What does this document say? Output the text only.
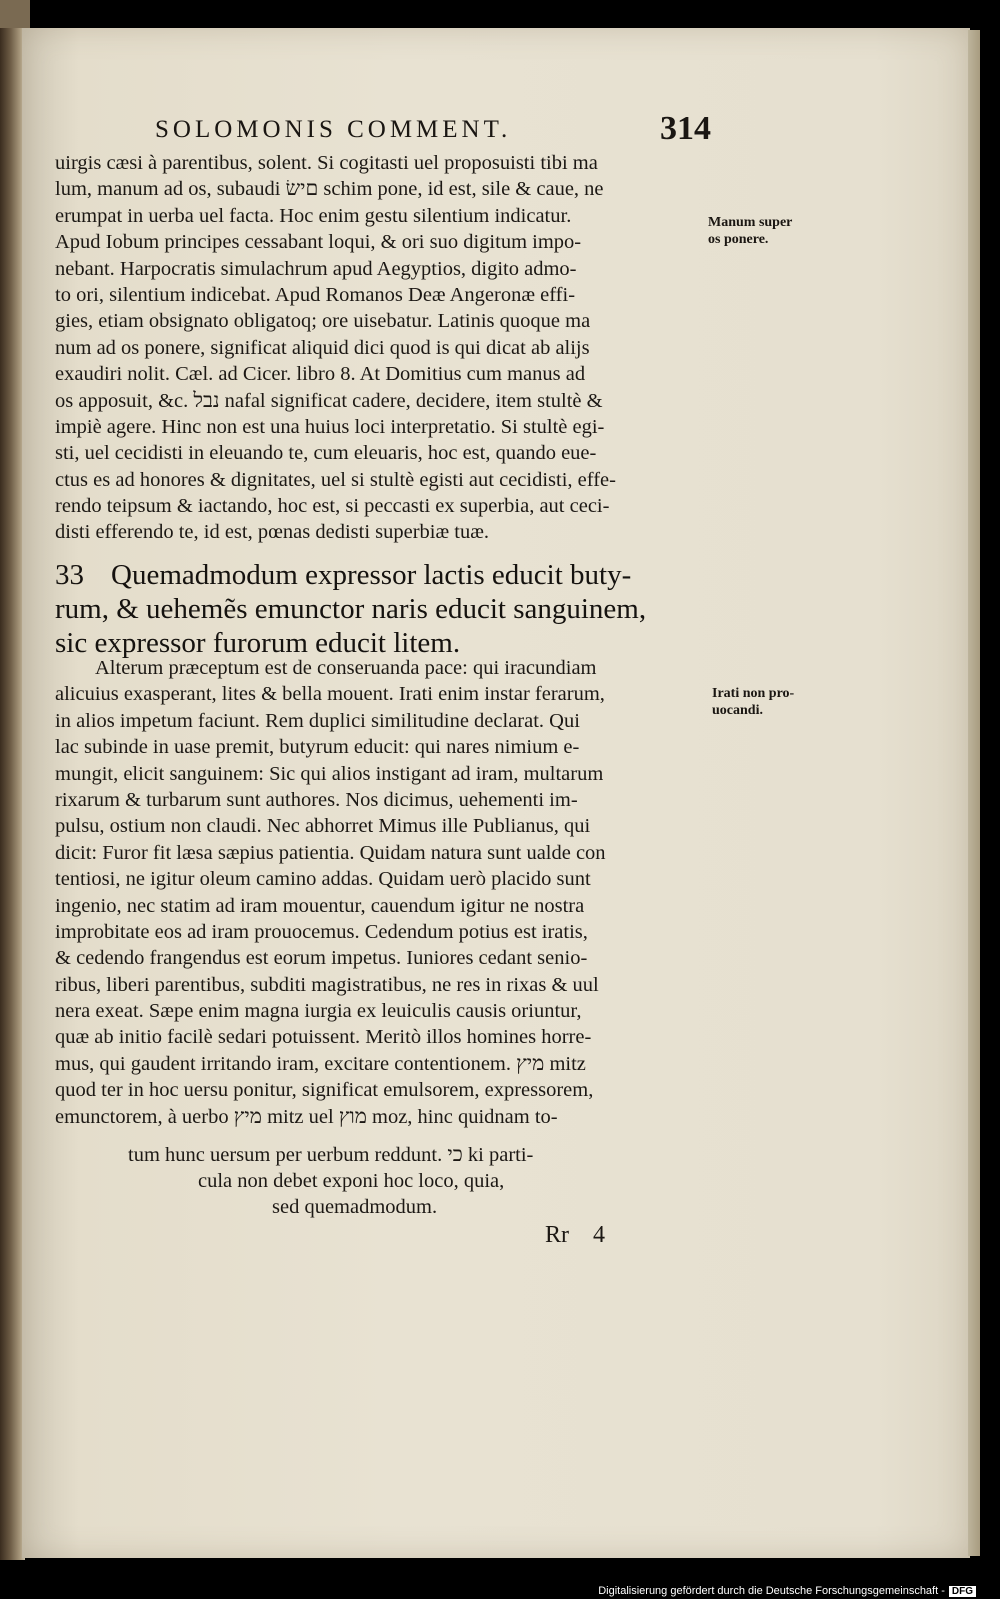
SOLOMONIS COMMENT.	314
uirgis cæsi à parentibus, solent. Si cogitasti uel proposuisti tibi ma
lum, manum ad os, subaudi םישׂ schim pone, id est, sile & caue, ne
erumpat in uerba uel facta. Hoc enim gestu silentium indicatur.
Apud Iobum principes cessabant loqui, & ori suo digitum impo-
nebant. Harpocratis simulachrum apud Aegyptios, digito admo-
to ori, silentium indicebat. Apud Romanos Deæ Angeronæ effi-
gies, etiam obsignato obligatoq; ore uisebatur. Latinis quoque ma
num ad os ponere, significat aliquid dici quod is qui dicat ab alijs
exaudiri nolit. Cæl. ad Cicer. libro 8. At Domitius cum manus ad
os apposuit, &c. נבל nafal significat cadere, decidere, item stultè &
impiè agere. Hinc non est una huius loci interpretatio. Si stultè egi-
sti, uel cecidisti in eleuando te, cum eleuaris, hoc est, quando eue-
ctus es ad honores & dignitates, uel si stultè egisti aut cecidisti, effe-
rendo teipsum & iactando, hoc est, si peccasti ex superbia, aut ceci-
disti efferendo te, id est, pœnas dedisti superbiæ tuæ.
Manum super
os ponere.
33 Quemadmodum expressor lactis educit buty-
rum, & uehemẽs emunctor naris educit sanguinem,
sic expressor furorum educit litem.
Alterum præceptum est de conseruanda pace: qui iracundiam
alicuius exasperant, lites & bella mouent. Irati enim instar ferarum,
in alios impetum faciunt. Rem duplici similitudine declarat. Qui
lac subinde in uase premit, butyrum educit: qui nares nimium e-
mungit, elicit sanguinem: Sic qui alios instigant ad iram, multarum
rixarum & turbarum sunt authores. Nos dicimus, uehementi im-
pulsu, ostium non claudi. Nec abhorret Mimus ille Publianus, qui
dicit: Furor fit læsa sæpius patientia. Quidam natura sunt ualde con
tentiosi, ne igitur oleum camino addas. Quidam uerò placido sunt
ingenio, nec statim ad iram mouentur, cauendum igitur ne nostra
improbitate eos ad iram prouocemus. Cedendum potius est iratis,
& cedendo frangendus est eorum impetus. Iuniores cedant senio-
ribus, liberi parentibus, subditi magistratibus, ne res in rixas & uul
nera exeat. Sæpe enim magna iurgia ex leuiculis causis oriuntur,
quæ ab initio facilè sedari potuissent. Meritò illos homines horre-
mus, qui gaudent irritando iram, excitare contentionem. מיץ mitz
quod ter in hoc uersu ponitur, significat emulsorem, expressorem,
emunctorem, à uerbo מיץ mitz uel מוץ moz, hinc quidnam to-
Irati non pro-
uocandi.
tum hunc uersum per uerbum reddunt. כי ki parti-
cula non debet exponi hoc loco, quia,
sed quemadmodum.
Rr 4
Digitalisierung gefördert durch die Deutsche Forschungsgemeinschaft - DFG
